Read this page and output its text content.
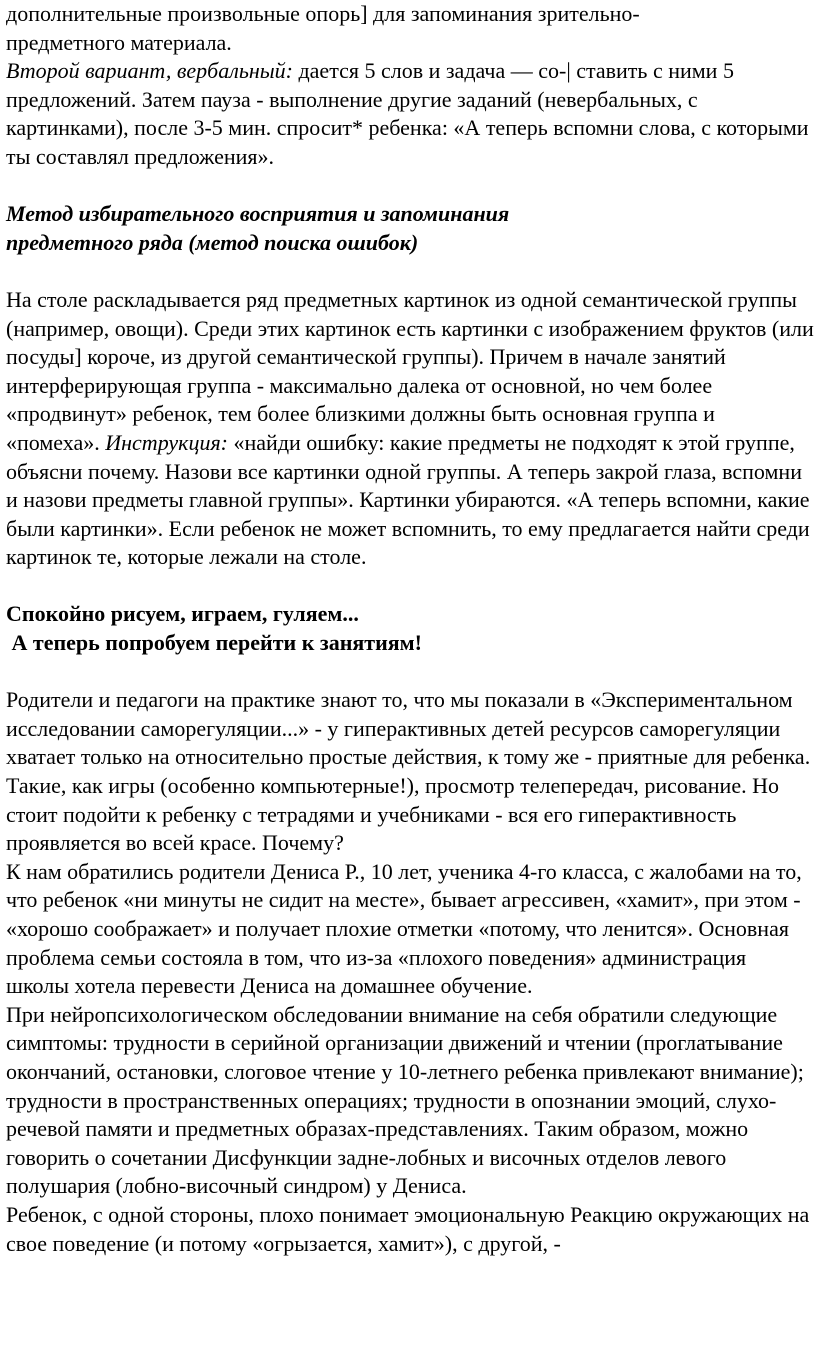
дополнительные произвольные опорь] для запоминания зрительно-

предметного материала.

Второй вариант, вербальный: дается 5 слов и задача — со-| ставить с ними 5 предложений. Затем пауза - выполнение другие заданий (невербальных, с картинками), после 3-5 мин. спросит* ребенка: «А теперь вспомни слова, с которыми ты составлял предложения».

Метод избирательного восприятия и запоминания

предметного ряда (метод поиска ошибок)

На столе раскладывается ряд предметных картинок из одной семантической группы (например, овощи). Среди этих картинок есть картинки с изображением фруктов (или посуды] короче, из другой семантической группы). Причем в начале занятий интерферирующая группа - максимально далека от основной, но чем более «продвинут» ребенок, тем более близкими должны быть основная группа и «помеха». Инструкция: «найди ошибку: какие предметы не подходят к этой группе, объясни почему. Назови все картинки одной группы. А теперь закрой глаза, вспомни и назови предметы главной группы». Картинки убираются. «А теперь вспомни, какие были картинки». Если ребенок не может вспомнить, то ему предлагается найти среди картинок те, которые лежали на столе.

Спокойно рисуем, играем, гуляем...

А теперь попробуем перейти к занятиям!

Родители и педагоги на практике знают то, что мы показали в «Экспериментальном исследовании саморегуляции...» - у гиперактивных детей ресурсов саморегуляции хватает только на относительно простые действия, к тому же - приятные для ребенка. Такие, как игры (особенно компьютерные!), просмотр телепередач, рисование. Но стоит подойти к ребенку с тетрадями и учебниками - вся его гиперактивность проявляется во всей красе. Почему?

К нам обратились родители Дениса Р., 10 лет, ученика 4-го класса, с жалобами на то, что ребенок «ни минуты не сидит на месте», бывает агрессивен, «хамит», при этом - «хорошо соображает» и получает плохие отметки «потому, что ленится». Основная проблема семьи состояла в том, что из-за «плохого поведения» администрация школы хотела перевести Дениса на домашнее обучение.

При нейропсихологическом обследовании внимание на себя обратили следующие симптомы: трудности в серийной организации движений и чтении (проглатывание окончаний, остановки, слоговое чтение у 10-летнего ребенка привлекают внимание); трудности в пространственных операциях; трудности в опознании эмоций, слухо-речевой памяти и предметных образах-представлениях. Таким образом, можно говорить о сочетании Дисфункции задне-лобных и височных отделов левого полушария (лобно-височный синдром) у Дениса.

Ребенок, с одной стороны, плохо понимает эмоциональную Реакцию окружающих на свое поведение (и потому «огрызается, хамит»), с другой, -
